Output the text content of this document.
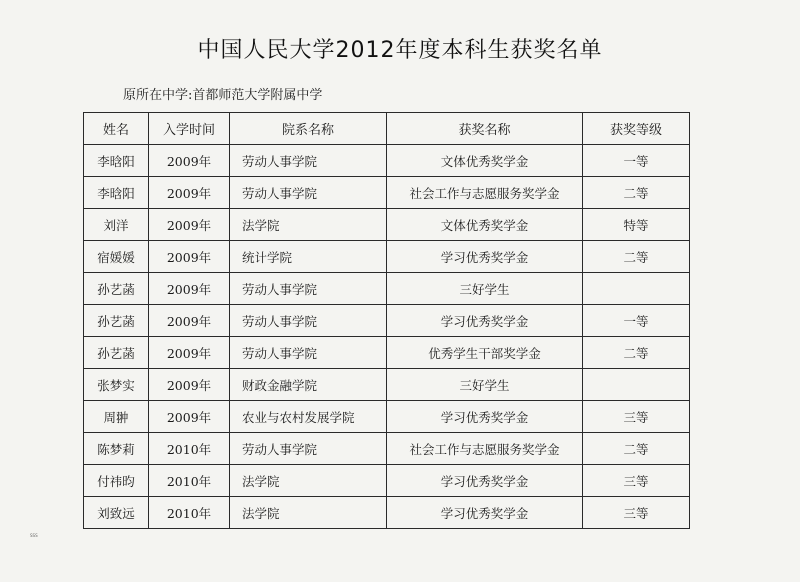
中国人民大学2012年度本科生获奖名单
原所在中学:首都师范大学附属中学
姓名	入学时间	院系名称	获奖名称	获奖等级
李晗阳	2009年	劳动人事学院	文体优秀奖学金	一等
李晗阳	2009年	劳动人事学院	社会工作与志愿服务奖学金	二等
刘洋	2009年	法学院	文体优秀奖学金	特等
宿媛媛	2009年	统计学院	学习优秀奖学金	二等
孙艺菡	2009年	劳动人事学院	三好学生	
孙艺菡	2009年	劳动人事学院	学习优秀奖学金	一等
孙艺菡	2009年	劳动人事学院	优秀学生干部奖学金	二等
张梦实	2009年	财政金融学院	三好学生	
周翀	2009年	农业与农村发展学院	学习优秀奖学金	三等
陈梦莉	2010年	劳动人事学院	社会工作与志愿服务奖学金	二等
付祎昀	2010年	法学院	学习优秀奖学金	三等
刘致远	2010年	法学院	学习优秀奖学金	三等
SSS
